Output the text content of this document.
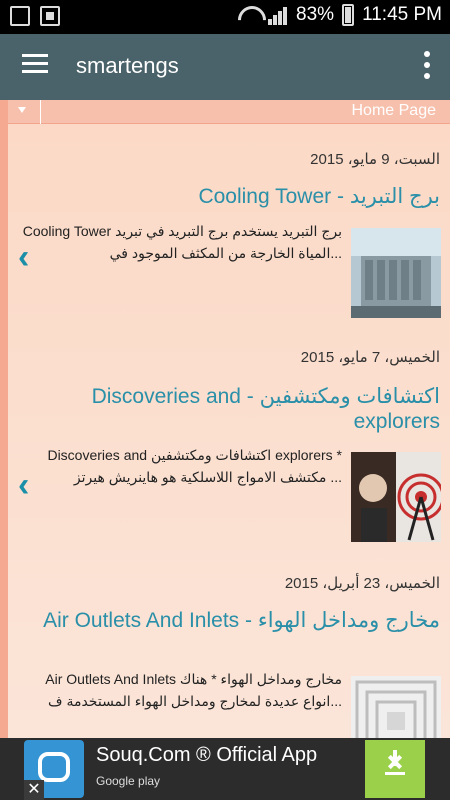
83% 11:45 PM
smartengs
Home Page
السبت، 9 مايو، 2015
Cooling Tower - برج التبريد
Cooling Tower برج التبريد يستخدم برج التبريد في تبريد المياة الخارجة من المكثف الموجود في...
‹
الخميس، 7 مايو، 2015
Discoveries and - اكتشافات ومكتشفين explorers
Discoveries and اكتشافات ومكتشفين explorers * مكتشف الامواج اللاسلكية هو هاينريش هيرتز ...
‹
الخميس، 23 أبريل، 2015
Air Outlets And Inlets - مخارج ومداخل الهواء
Air Outlets And Inlets مخارج ومداخل الهواء * هناك انواع عديدة لمخارج ومداخل الهواء المستخدمة ف...
Souq.Com ® Official App
Google play
✕
